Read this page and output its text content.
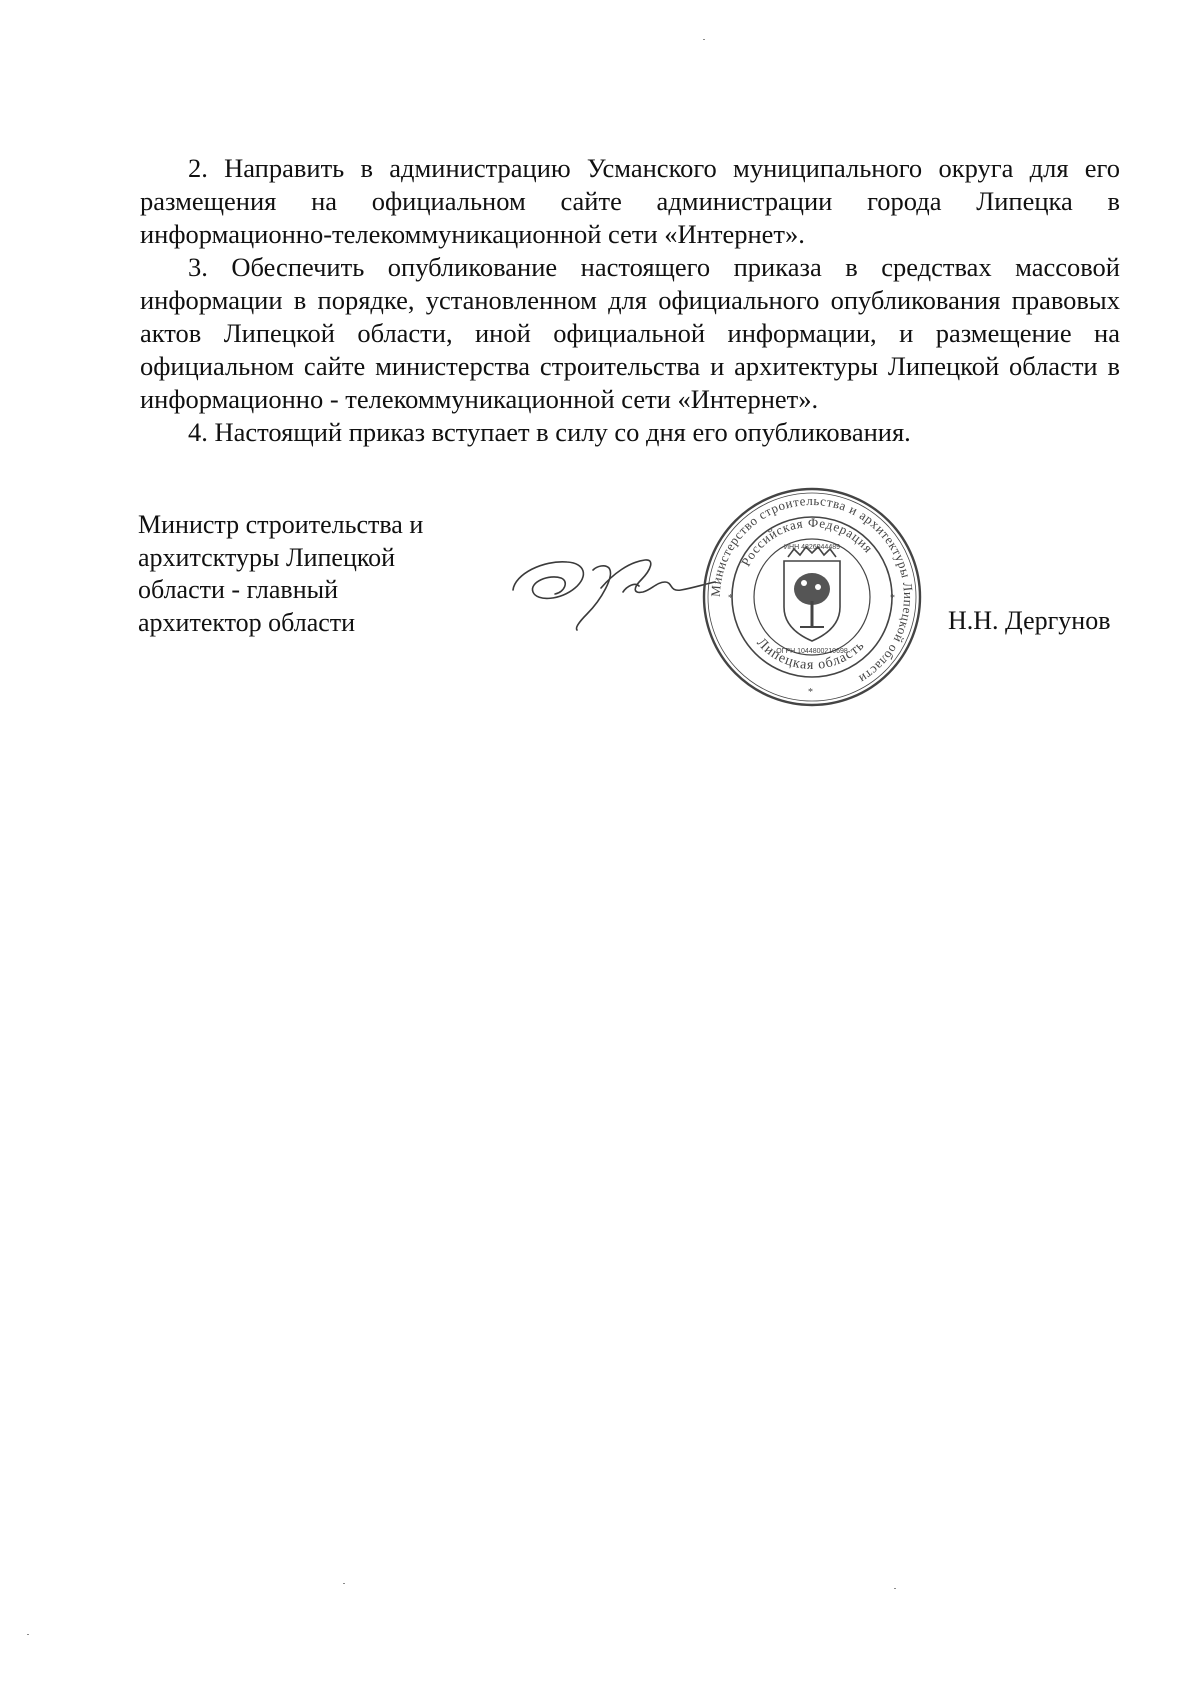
2. Направить в администрацию Усманского муниципального округа для его размещения на официальном сайте администрации города Липецка в информационно-телекоммуникационной сети «Интернет».

3. Обеспечить опубликование настоящего приказа в средствах массовой информации в порядке, установленном для официального опубликования правовых актов Липецкой области, иной официальной информации, и размещение на официальном сайте министерства строительства и архитектуры Липецкой области в информационно - телекоммуникационной сети «Интернет».

4. Настоящий приказ вступает в силу со дня его опубликования.

Министр строительства и
архитсктуры Липецкой
области - главный
архитектор области
Министерство строительства и архитектуры Липецкой области
Российская Федерация
Липецкая область
ИНН 4826044489
ОГРН 1044800210698
*	*
*
Н.Н. Дергунов
